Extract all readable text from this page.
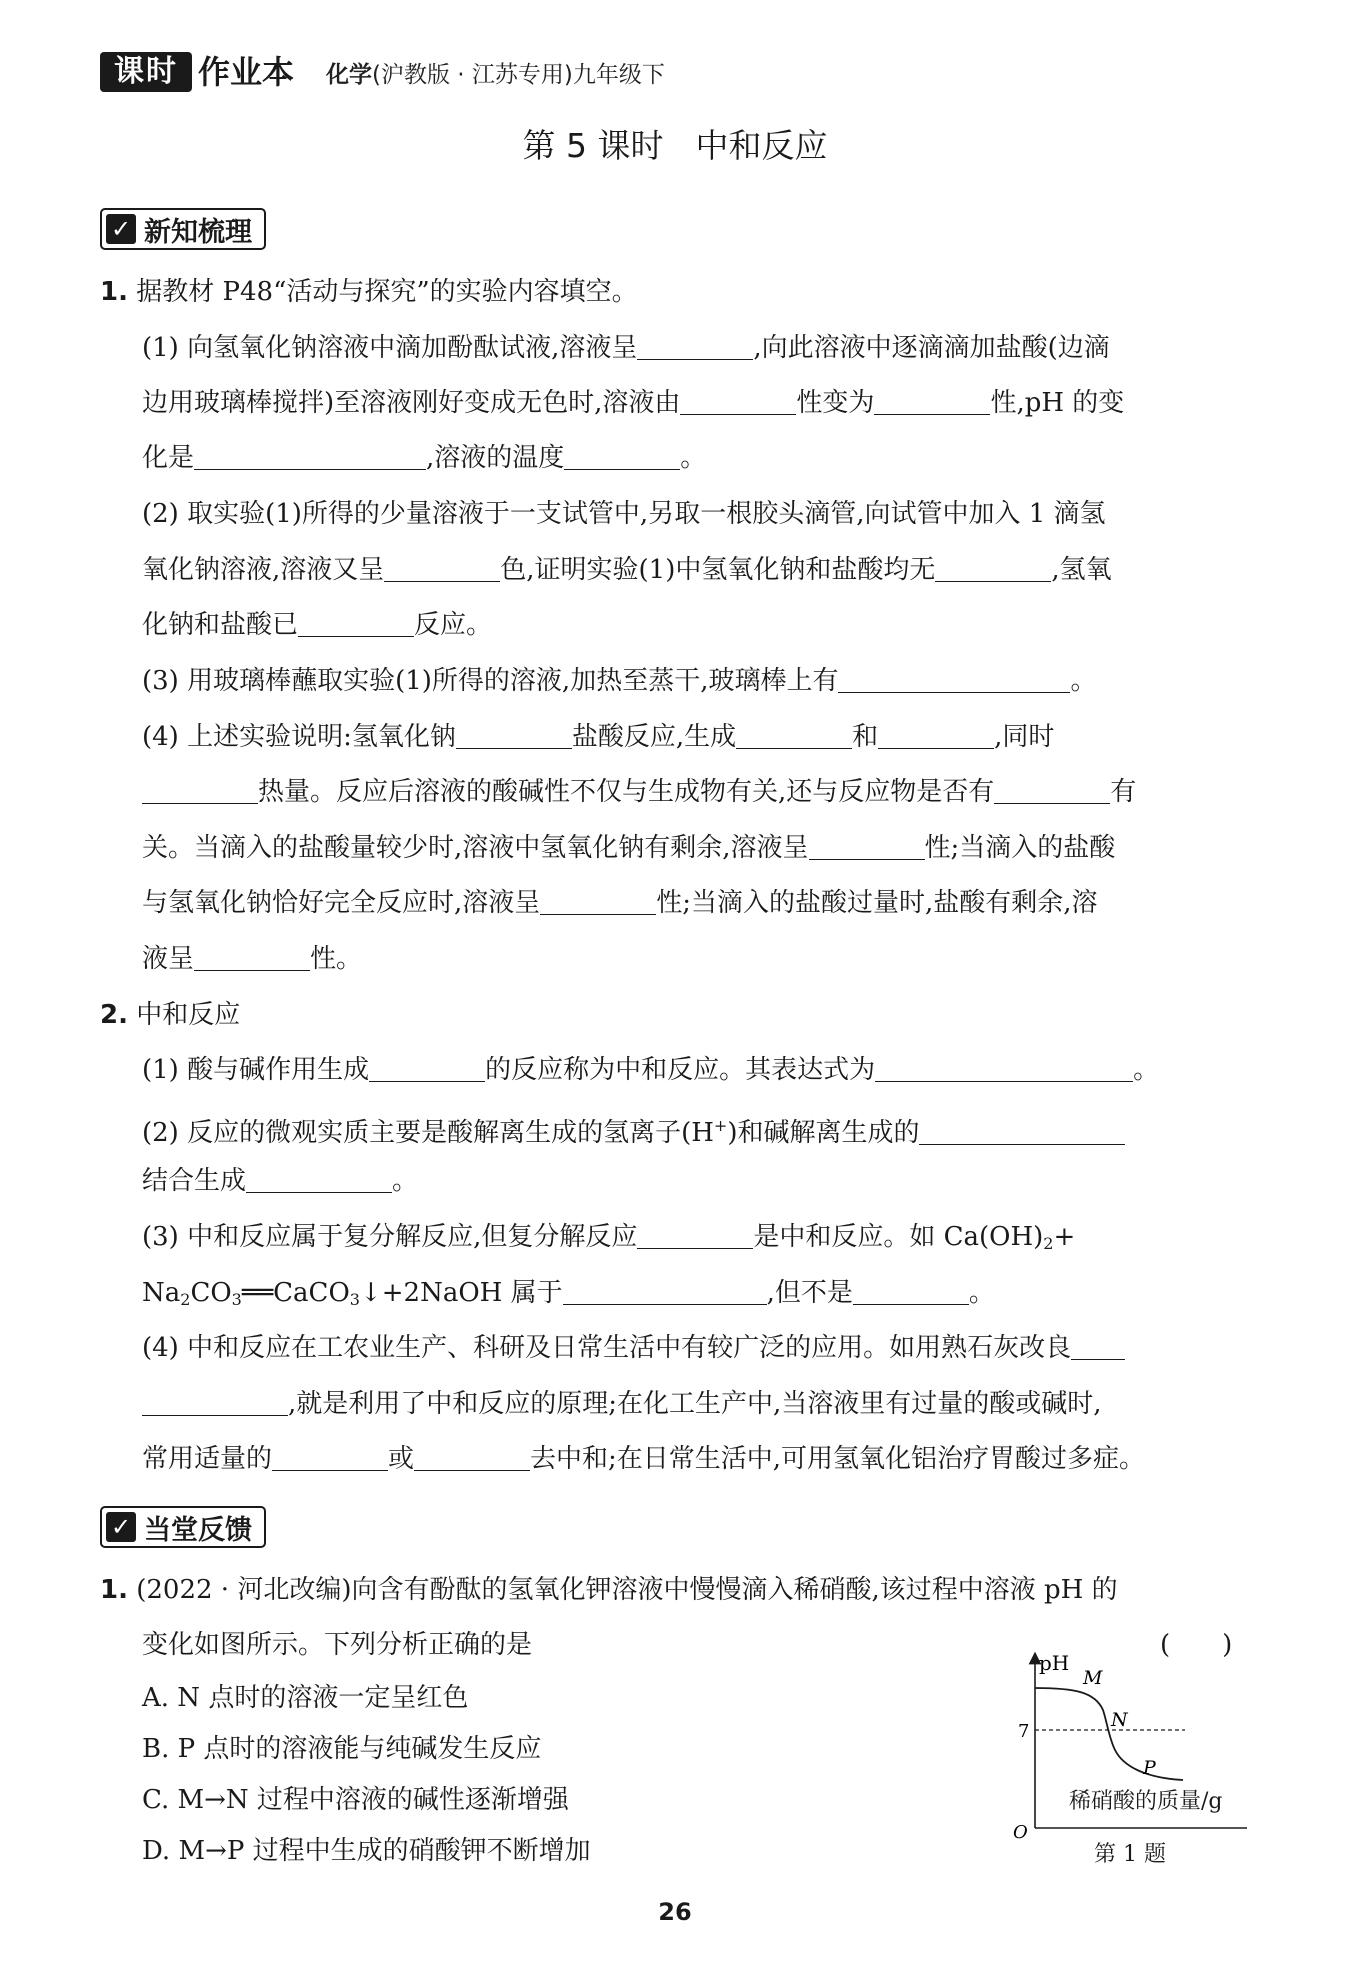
课时 作业本 化学(沪教版 · 江苏专用)九年级下
第 5 课时 中和反应
✓ 新知梳理
1. 据教材 P48“活动与探究”的实验内容填空。
(1) 向氢氧化钠溶液中滴加酚酞试液,溶液呈	,向此溶液中逐滴滴加盐酸(边滴
边用玻璃棒搅拌)至溶液刚好变成无色时,溶液由	性变为	性,pH 的变
化是	,溶液的温度	。
(2) 取实验(1)所得的少量溶液于一支试管中,另取一根胶头滴管,向试管中加入 1 滴氢
氧化钠溶液,溶液又呈	色,证明实验(1)中氢氧化钠和盐酸均无	,氢氧
化钠和盐酸已	反应。
(3) 用玻璃棒蘸取实验(1)所得的溶液,加热至蒸干,玻璃棒上有	。
(4) 上述实验说明:氢氧化钠	盐酸反应,生成	和	,同时
热量。反应后溶液的酸碱性不仅与生成物有关,还与反应物是否有	有
关。当滴入的盐酸量较少时,溶液中氢氧化钠有剩余,溶液呈	性;当滴入的盐酸
与氢氧化钠恰好完全反应时,溶液呈	性;当滴入的盐酸过量时,盐酸有剩余,溶
液呈	性。
2. 中和反应
(1) 酸与碱作用生成	的反应称为中和反应。其表达式为	。
(2) 反应的微观实质主要是酸解离生成的氢离子(H+)和碱解离生成的
结合生成	。
(3) 中和反应属于复分解反应,但复分解反应	是中和反应。如 $Ca(OH)_2+$
$Na_2CO_3══CaCO_3↓+2NaOH$ 属于	,但不是	。
(4) 中和反应在工农业生产、科研及日常生活中有较广泛的应用。如用熟石灰改良
,就是利用了中和反应的原理;在化工生产中,当溶液里有过量的酸或碱时,
常用适量的	或	去中和;在日常生活中,可用氢氧化铝治疗胃酸过多症。
✓ 当堂反馈
1. (2022 · 河北改编)向含有酚酞的氢氧化钾溶液中慢慢滴入稀硝酸,该过程中溶液 pH 的
变化如图所示。下列分析正确的是	(　　)
A. N 点时的溶液一定呈红色
B. P 点时的溶液能与纯碱发生反应
C. M→N 过程中溶液的碱性逐渐增强
D. M→P 过程中生成的硝酸钾不断增加
pH
7
O
M
N
P
稀硝酸的质量/g
第 1 题
26
